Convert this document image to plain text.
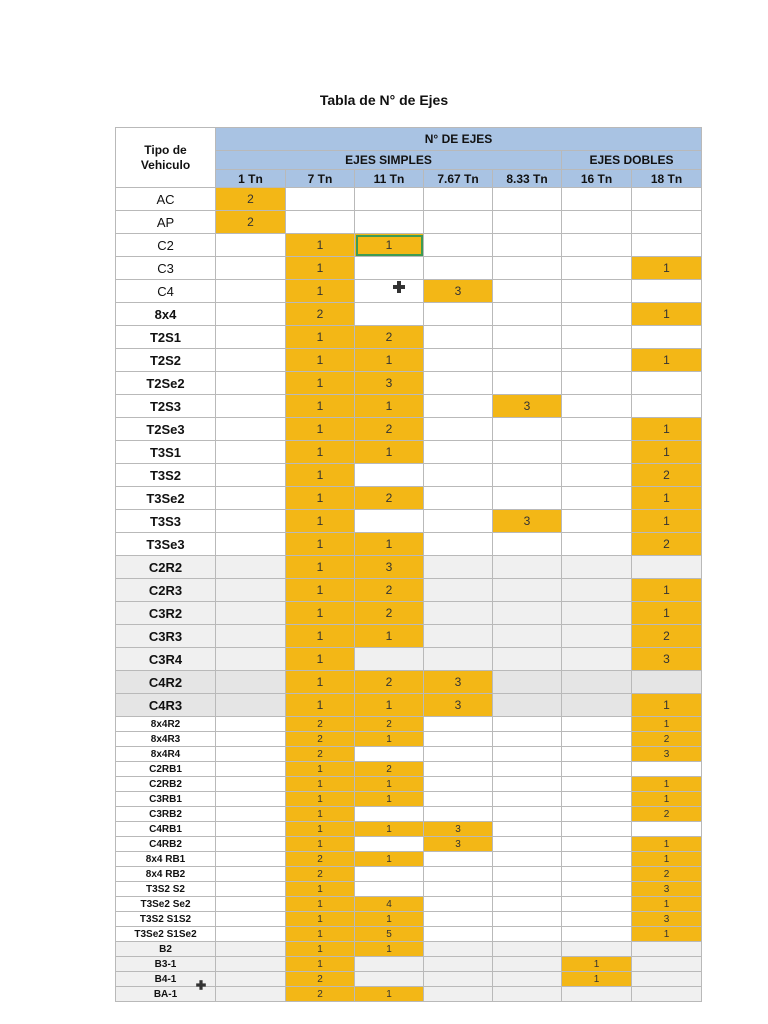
Tabla de N° de Ejes
Tipo de Vehiculo	N° DE EJES						
	EJES SIMPLES					EJES DOBLES	
	1 Tn	7 Tn	11 Tn	7.67 Tn	8.33 Tn	16 Tn	18 Tn
AC	2						
AP	2						
C2		1	1				
C3		1					1
C4		1		3			
8x4		2					1
T2S1		1	2				
T2S2		1	1				1
T2Se2		1	3				
T2S3		1	1		3		
T2Se3		1	2				1
T3S1		1	1				1
T3S2		1					2
T3Se2		1	2				1
T3S3		1			3		1
T3Se3		1	1				2
C2R2		1	3				
C2R3		1	2				1
C3R2		1	2				1
C3R3		1	1				2
C3R4		1					3
C4R2		1	2	3			
C4R3		1	1	3			1
8x4R2		2	2				1
8x4R3		2	1				2
8x4R4		2					3
C2RB1		1	2				
C2RB2		1	1				1
C3RB1		1	1				1
C3RB2		1					2
C4RB1		1	1	3			
C4RB2		1		3			1
8x4 RB1		2	1				1
8x4 RB2		2					2
T3S2 S2		1					3
T3Se2 Se2		1	4				1
T3S2 S1S2		1	1				3
T3Se2 S1Se2		1	5				1
B2		1	1				
B3-1		1				1	
B4-1		2				1	
BA-1		2	1				
